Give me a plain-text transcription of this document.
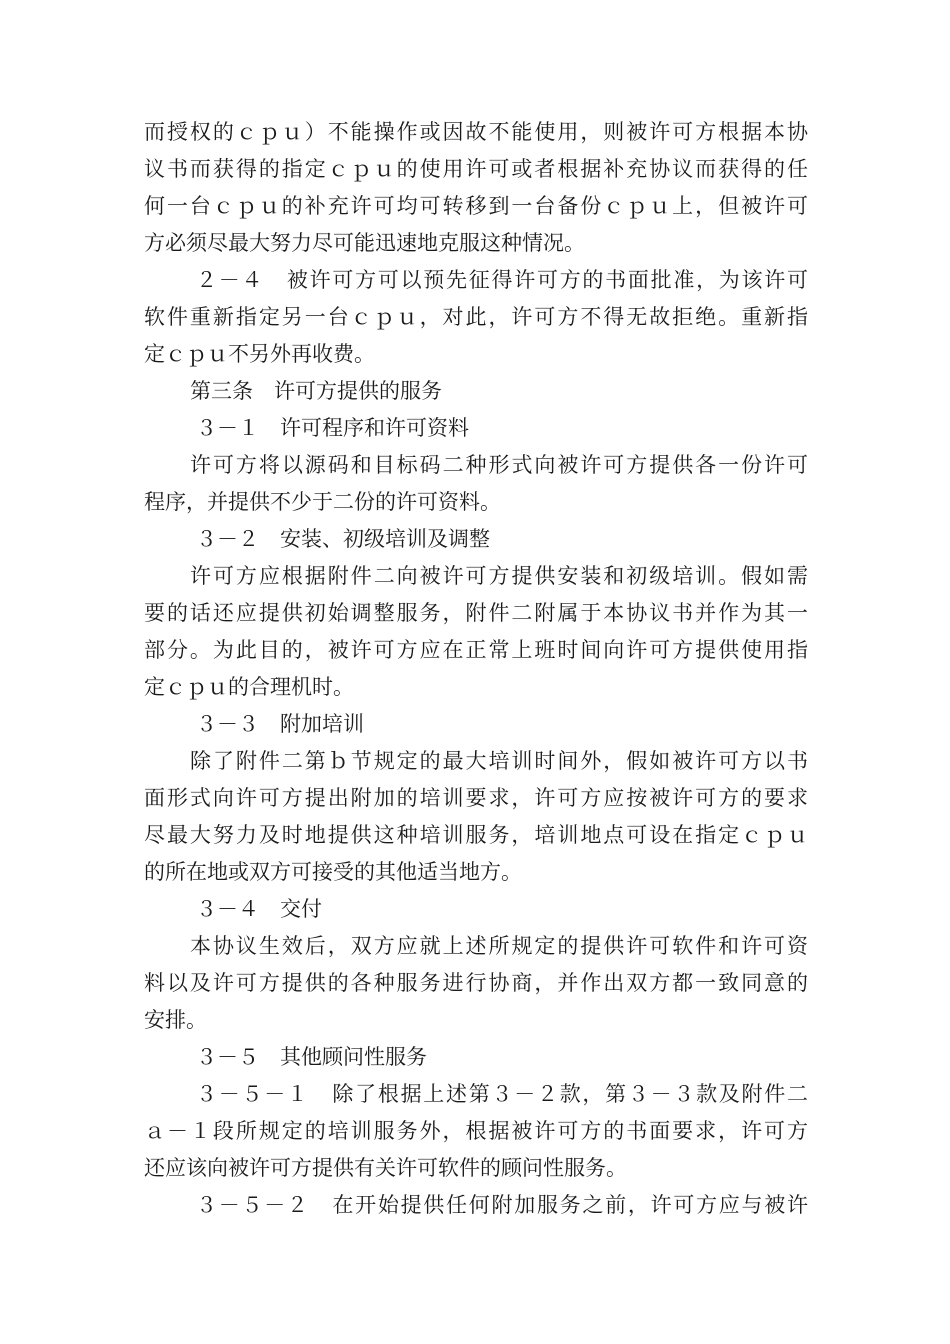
而授权的ｃｐｕ）不能操作或因故不能使用，则被许可方根据本协
议书而获得的指定ｃｐｕ的使用许可或者根据补充协议而获得的任
何一台ｃｐｕ的补充许可均可转移到一台备份ｃｐｕ上，但被许可
方必须尽最大努力尽可能迅速地克服这种情况。
２－４　被许可方可以预先征得许可方的书面批准，为该许可
软件重新指定另一台ｃｐｕ，对此，许可方不得无故拒绝。重新指
定ｃｐｕ不另外再收费。
第三条　许可方提供的服务
３－１　许可程序和许可资料
许可方将以源码和目标码二种形式向被许可方提供各一份许可
程序，并提供不少于二份的许可资料。
３－２　安装、初级培训及调整
许可方应根据附件二向被许可方提供安装和初级培训。假如需
要的话还应提供初始调整服务，附件二附属于本协议书并作为其一
部分。为此目的，被许可方应在正常上班时间向许可方提供使用指
定ｃｐｕ的合理机时。
３－３　附加培训
除了附件二第ｂ节规定的最大培训时间外，假如被许可方以书
面形式向许可方提出附加的培训要求，许可方应按被许可方的要求
尽最大努力及时地提供这种培训服务，培训地点可设在指定ｃｐｕ
的所在地或双方可接受的其他适当地方。
３－４　交付
本协议生效后，双方应就上述所规定的提供许可软件和许可资
料以及许可方提供的各种服务进行协商，并作出双方都一致同意的
安排。
３－５　其他顾问性服务
３－５－１　除了根据上述第３－２款，第３－３款及附件二
ａ－１段所规定的培训服务外，根据被许可方的书面要求，许可方
还应该向被许可方提供有关许可软件的顾问性服务。
３－５－２　在开始提供任何附加服务之前，许可方应与被许
